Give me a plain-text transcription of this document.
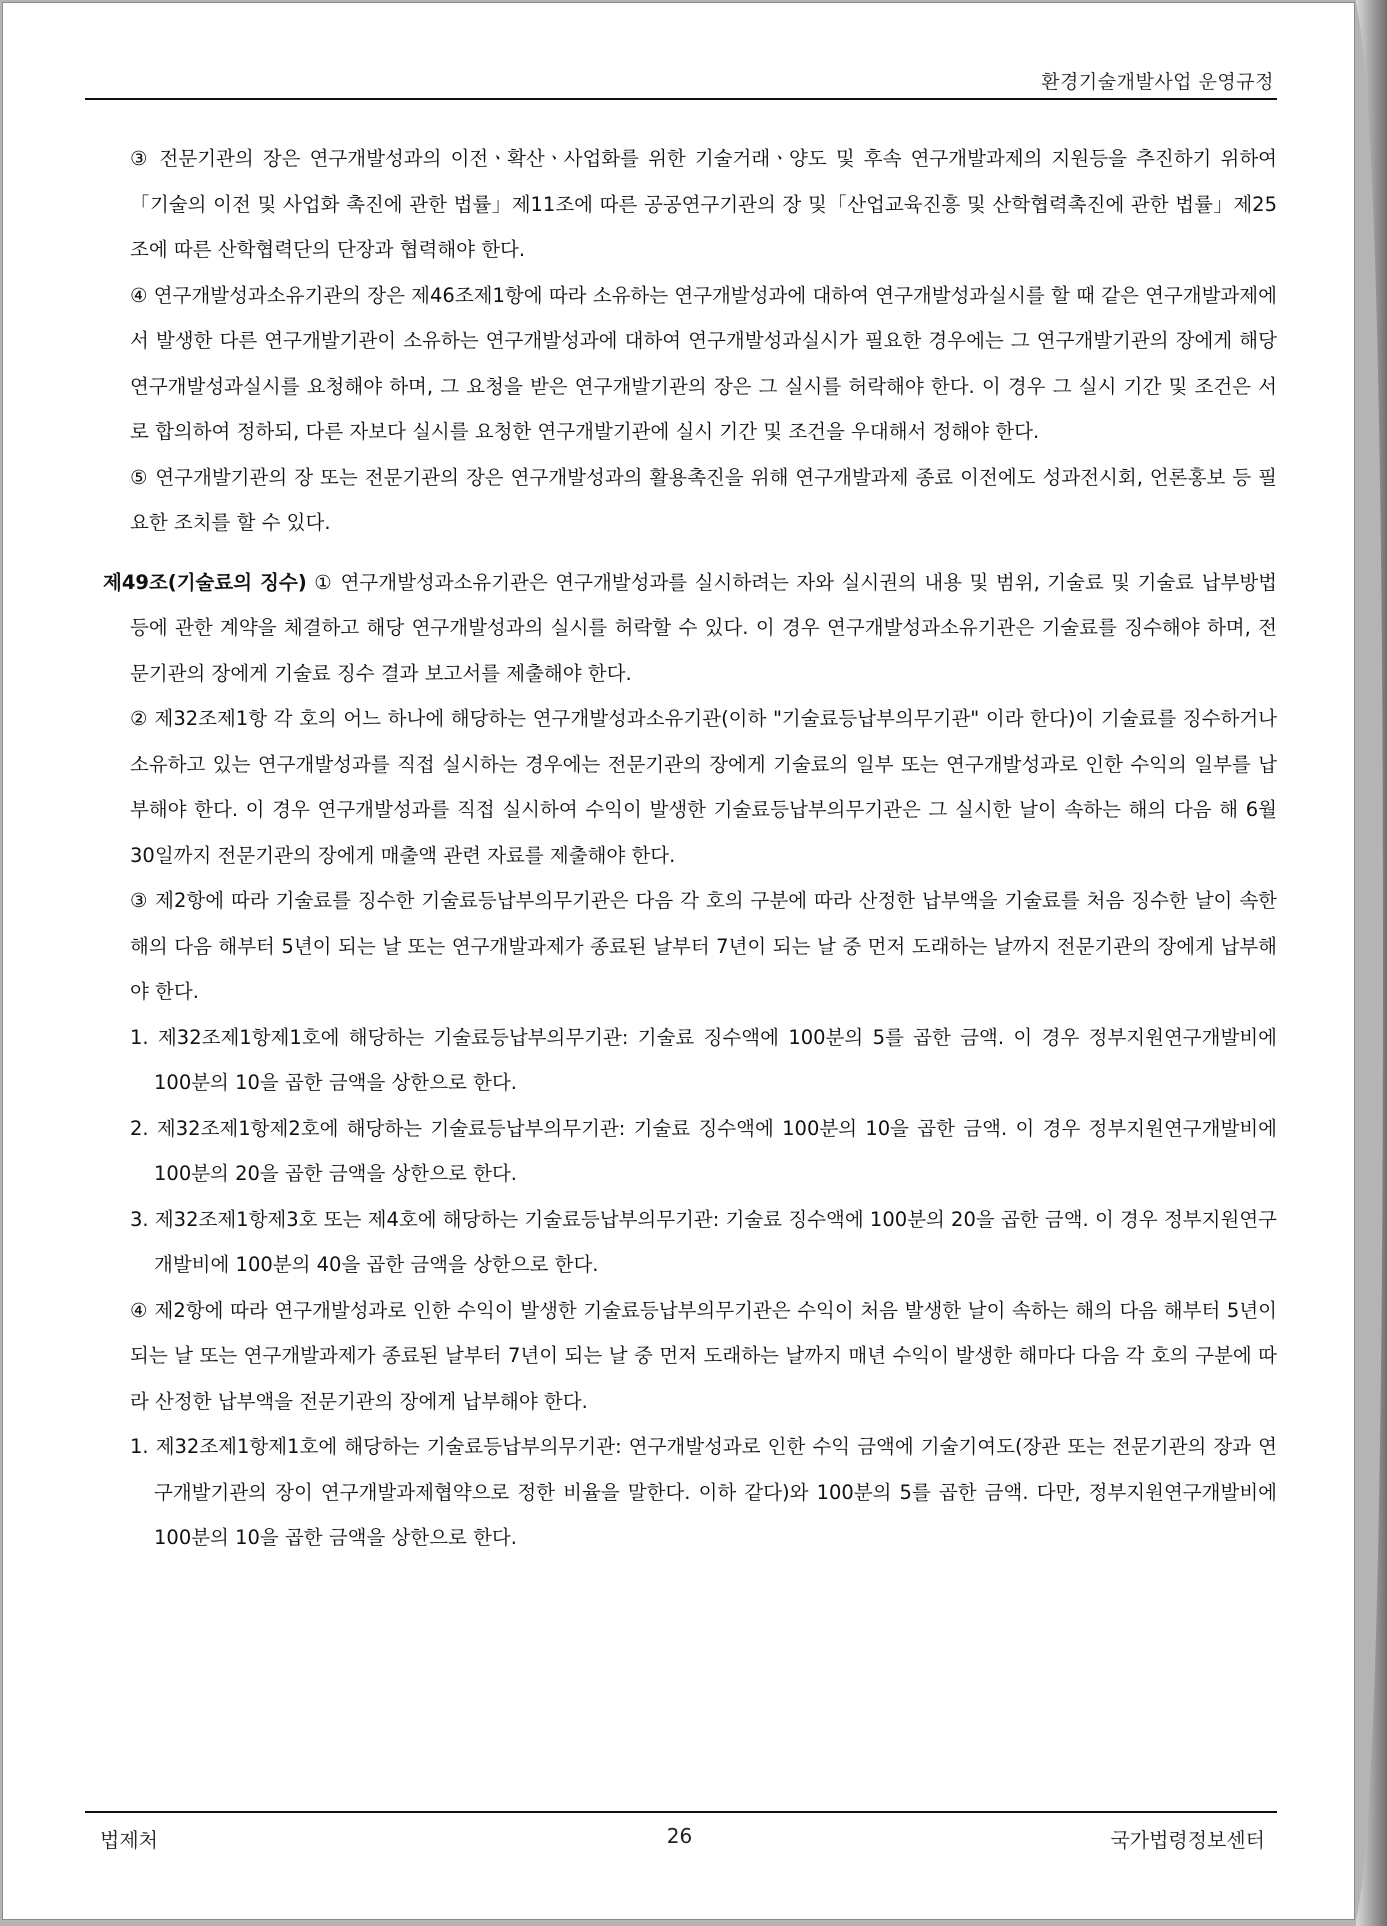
환경기술개발사업 운영규정

③ 전문기관의 장은 연구개발성과의 이전ㆍ확산ㆍ사업화를 위한 기술거래ㆍ양도 및 후속 연구개발과제의 지원등을 추진하기 위하여「기술의 이전 및 사업화 촉진에 관한 법률」제11조에 따른 공공연구기관의 장 및「산업교육진흥 및 산학협력촉진에 관한 법률」제25조에 따른 산학협력단의 단장과 협력해야 한다.

④ 연구개발성과소유기관의 장은 제46조제1항에 따라 소유하는 연구개발성과에 대하여 연구개발성과실시를 할 때 같은 연구개발과제에서 발생한 다른 연구개발기관이 소유하는 연구개발성과에 대하여 연구개발성과실시가 필요한 경우에는 그 연구개발기관의 장에게 해당 연구개발성과실시를 요청해야 하며, 그 요청을 받은 연구개발기관의 장은 그 실시를 허락해야 한다. 이 경우 그 실시 기간 및 조건은 서로 합의하여 정하되, 다른 자보다 실시를 요청한 연구개발기관에 실시 기간 및 조건을 우대해서 정해야 한다.

⑤ 연구개발기관의 장 또는 전문기관의 장은 연구개발성과의 활용촉진을 위해 연구개발과제 종료 이전에도 성과전시회, 언론홍보 등 필요한 조치를 할 수 있다.

제49조(기술료의 징수) ① 연구개발성과소유기관은 연구개발성과를 실시하려는 자와 실시권의 내용 및 범위, 기술료 및 기술료 납부방법 등에 관한 계약을 체결하고 해당 연구개발성과의 실시를 허락할 수 있다. 이 경우 연구개발성과소유기관은 기술료를 징수해야 하며, 전문기관의 장에게 기술료 징수 결과 보고서를 제출해야 한다.

② 제32조제1항 각 호의 어느 하나에 해당하는 연구개발성과소유기관(이하 "기술료등납부의무기관" 이라 한다)이 기술료를 징수하거나 소유하고 있는 연구개발성과를 직접 실시하는 경우에는 전문기관의 장에게 기술료의 일부 또는 연구개발성과로 인한 수익의 일부를 납부해야 한다. 이 경우 연구개발성과를 직접 실시하여 수익이 발생한 기술료등납부의무기관은 그 실시한 날이 속하는 해의 다음 해 6월 30일까지 전문기관의 장에게 매출액 관련 자료를 제출해야 한다.

③ 제2항에 따라 기술료를 징수한 기술료등납부의무기관은 다음 각 호의 구분에 따라 산정한 납부액을 기술료를 처음 징수한 날이 속한 해의 다음 해부터 5년이 되는 날 또는 연구개발과제가 종료된 날부터 7년이 되는 날 중 먼저 도래하는 날까지 전문기관의 장에게 납부해야 한다.

1. 제32조제1항제1호에 해당하는 기술료등납부의무기관: 기술료 징수액에 100분의 5를 곱한 금액. 이 경우 정부지원연구개발비에 100분의 10을 곱한 금액을 상한으로 한다.

2. 제32조제1항제2호에 해당하는 기술료등납부의무기관: 기술료 징수액에 100분의 10을 곱한 금액. 이 경우 정부지원연구개발비에 100분의 20을 곱한 금액을 상한으로 한다.

3. 제32조제1항제3호 또는 제4호에 해당하는 기술료등납부의무기관: 기술료 징수액에 100분의 20을 곱한 금액. 이 경우 정부지원연구개발비에 100분의 40을 곱한 금액을 상한으로 한다.

④ 제2항에 따라 연구개발성과로 인한 수익이 발생한 기술료등납부의무기관은 수익이 처음 발생한 날이 속하는 해의 다음 해부터 5년이 되는 날 또는 연구개발과제가 종료된 날부터 7년이 되는 날 중 먼저 도래하는 날까지 매년 수익이 발생한 해마다 다음 각 호의 구분에 따라 산정한 납부액을 전문기관의 장에게 납부해야 한다.

1. 제32조제1항제1호에 해당하는 기술료등납부의무기관: 연구개발성과로 인한 수익 금액에 기술기여도(장관 또는 전문기관의 장과 연구개발기관의 장이 연구개발과제협약으로 정한 비율을 말한다. 이하 같다)와 100분의 5를 곱한 금액. 다만, 정부지원연구개발비에 100분의 10을 곱한 금액을 상한으로 한다.

법제처	26	국가법령정보센터
